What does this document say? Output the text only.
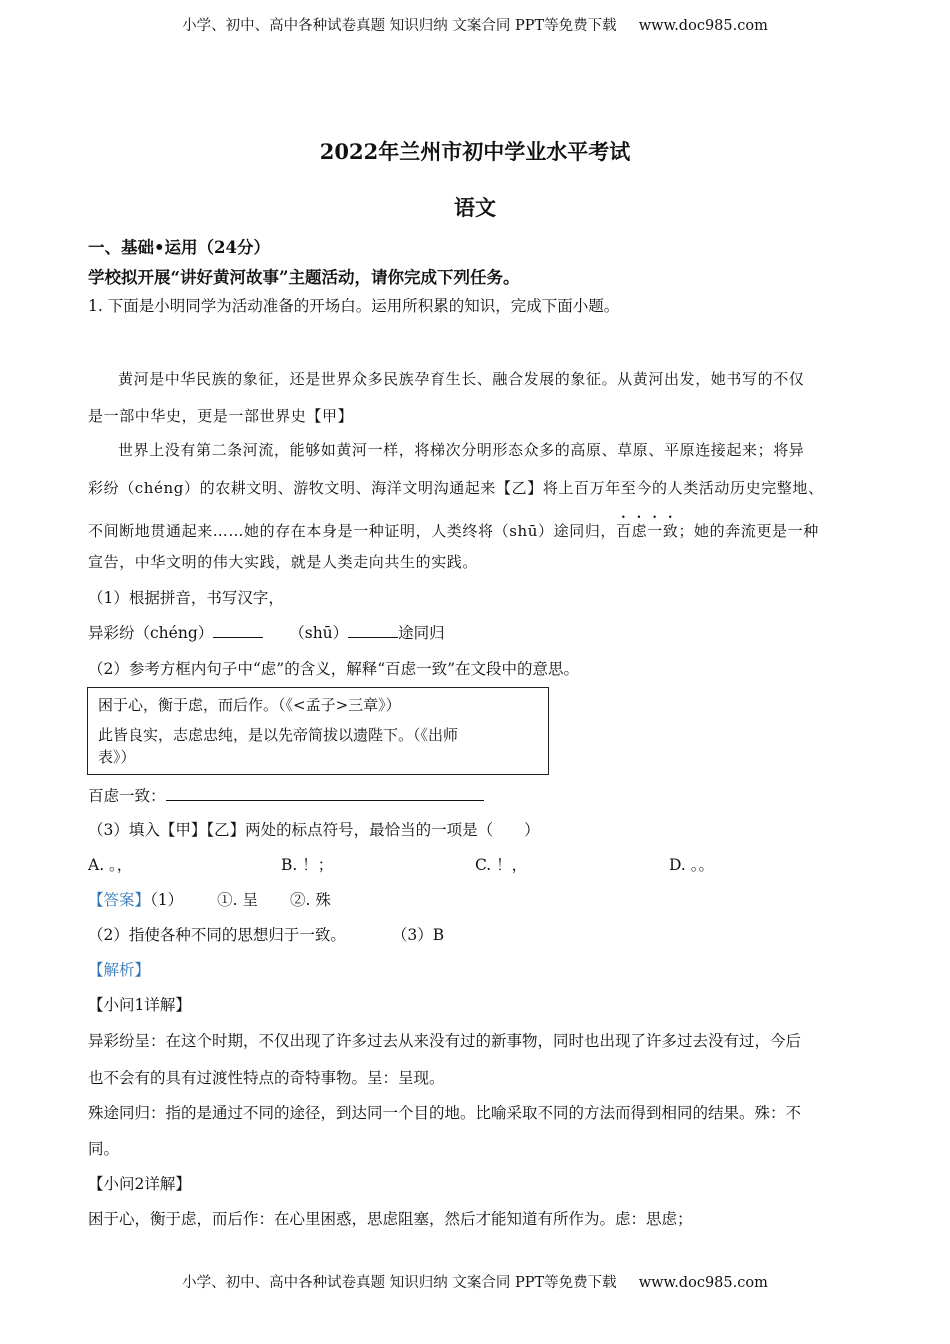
小学、初中、高中各种试卷真题 知识归纳 文案合同 PPT等免费下载 www.doc985.com
2022年兰州市初中学业水平考试
语文
一、基础•运用（24分）
学校拟开展“讲好黄河故事”主题活动，请你完成下列任务。
1. 下面是小明同学为活动准备的开场白。运用所积累的知识，完成下面小题。
黄河是中华民族的象征，还是世界众多民族孕育生长、融合发展的象征。从黄河出发，她书写的不仅
是一部中华史，更是一部世界史【甲】
世界上没有第二条河流，能够如黄河一样，将梯次分明形态众多的高原、草原、平原连接起来；将异
彩纷（chéng）的农耕文明、游牧文明、海洋文明沟通起来【乙】将上百万年至今的人类活动历史完整地、
不间断地贯通起来……她的存在本身是一种证明，人类终将（shū）途同归，百虑一致；她的奔流更是一种
宣告，中华文明的伟大实践，就是人类走向共生的实践。
（1）根据拼音，书写汉字，
异彩纷（chéng）	（shū）	途同归
（2）参考方框内句子中“虑”的含义，解释“百虑一致”在文段中的意思。
困于心，衡于虑，而后作。（《<孟子>三章》）
此皆良实，志虑忠纯，是以先帝简拔以遗陛下。（《出师
表》）
百虑一致：
（3）填入【甲】【乙】两处的标点符号，最恰当的一项是（　　）
A. 。，	B. ！；	C. ！，	D. 。。
【答案】（1） ①. 呈 ②. 殊
（2）指使各种不同的思想归于一致。	（3）B
【解析】
【小问1详解】
异彩纷呈：在这个时期，不仅出现了许多过去从来没有过的新事物，同时也出现了许多过去没有过，今后
也不会有的具有过渡性特点的奇特事物。呈：呈现。
殊途同归：指的是通过不同的途径，到达同一个目的地。比喻采取不同的方法而得到相同的结果。殊：不
同。
【小问2详解】
困于心，衡于虑，而后作：在心里困惑，思虑阻塞，然后才能知道有所作为。虑：思虑；
小学、初中、高中各种试卷真题 知识归纳 文案合同 PPT等免费下载 www.doc985.com
